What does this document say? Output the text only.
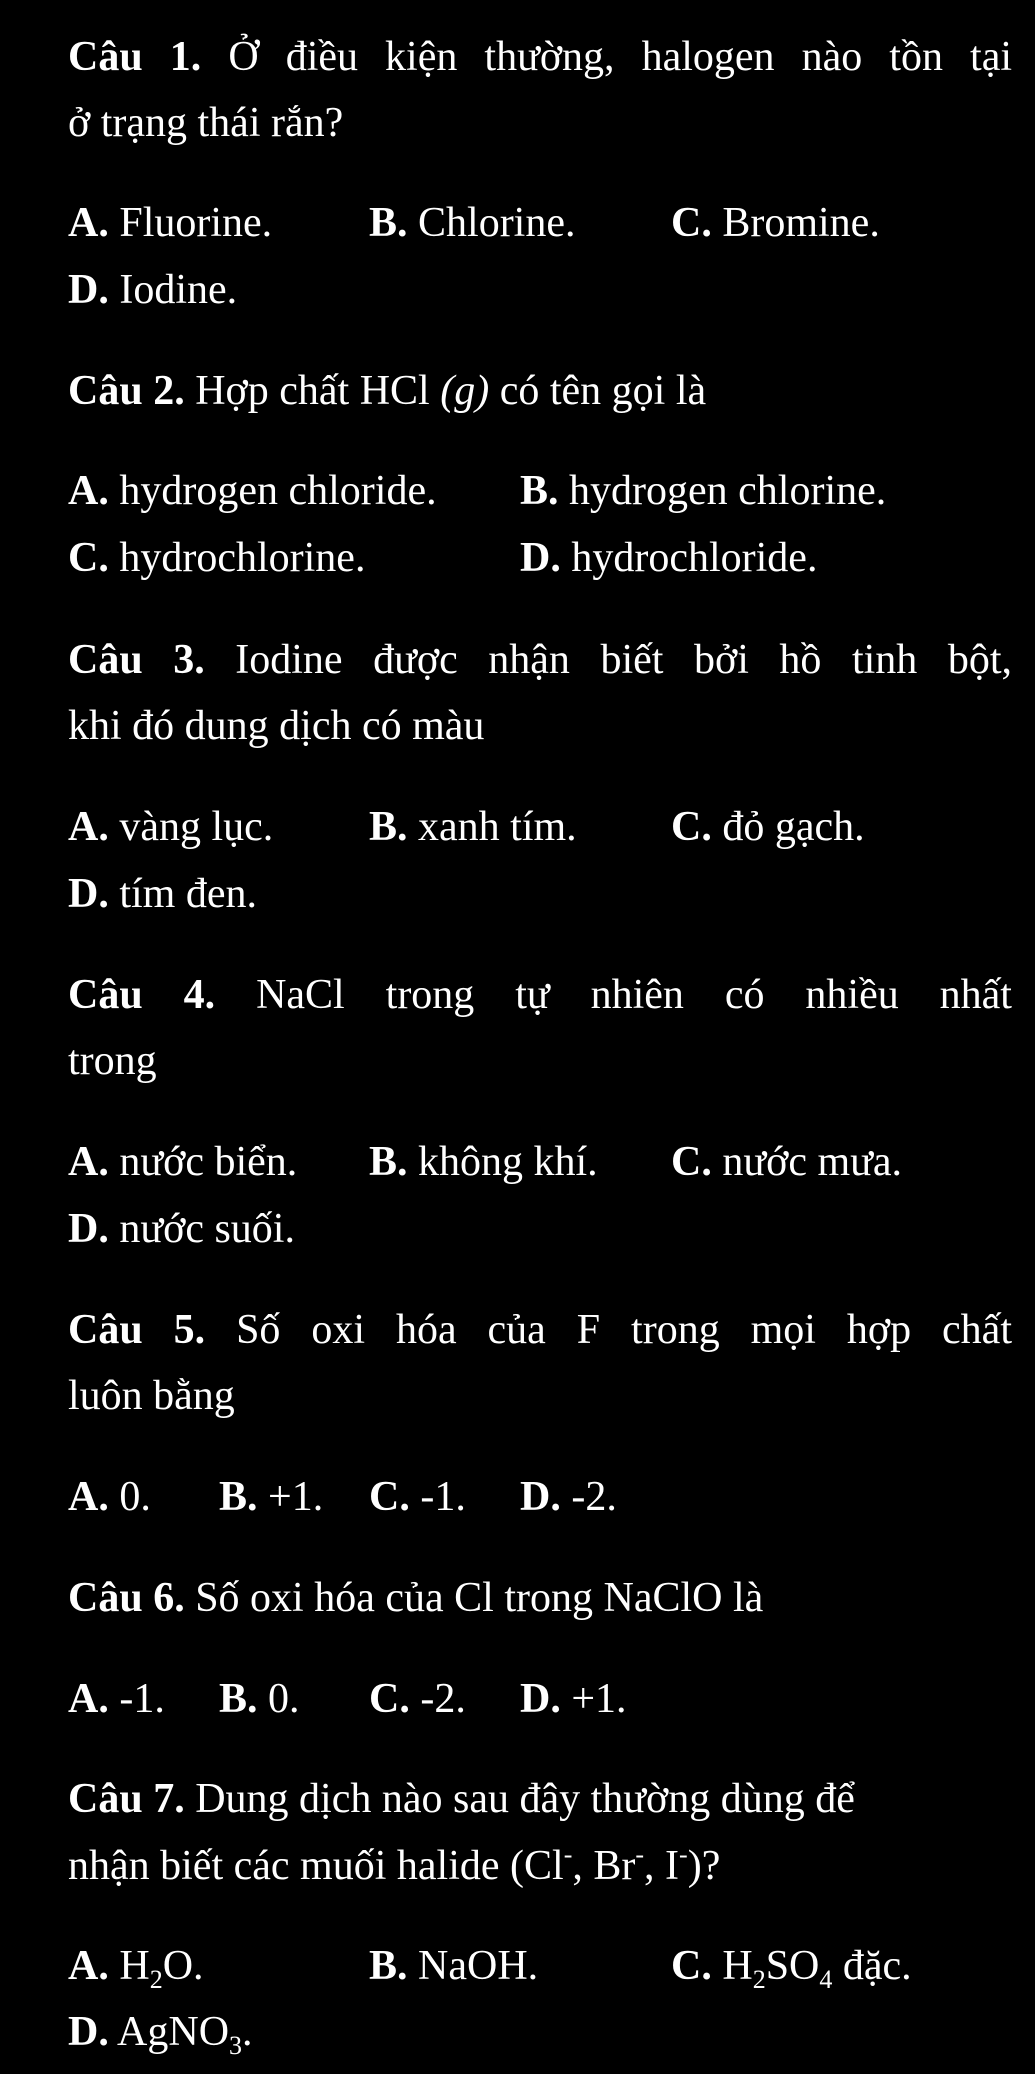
Câu 1. Ở điều kiện thường, halogen nào tồn tại
ở trạng thái rắn?
A. Fluorine. B. Chlorine. C. Bromine.
D. Iodine.
Câu 2. Hợp chất HCl (g) có tên gọi là
A. hydrogen chloride. B. hydrogen chlorine.
C. hydrochlorine.	D. hydrochloride.
Câu 3. Iodine được nhận biết bởi hồ tinh bột,
khi đó dung dịch có màu
A. vàng lục. B. xanh tím. C. đỏ gạch.
D. tím đen.
Câu 4. NaCl trong tự nhiên có nhiều nhất
trong
A. nước biển. B. không khí. C. nước mưa.
D. nước suối.
Câu 5. Số oxi hóa của F trong mọi hợp chất
luôn bằng
A. 0. B. +1. C. -1. D. -2.
Câu 6. Số oxi hóa của Cl trong NaClO là
A. -1. B. 0. C. -2. D. +1.
Câu 7. Dung dịch nào sau đây thường dùng để
nhận biết các muối halide (Cl-, Br-, I-)?
A. $H_2O$.	B. NaOH.	C. $H_2SO_4$ đặc.
D. AgNO$_3$.
